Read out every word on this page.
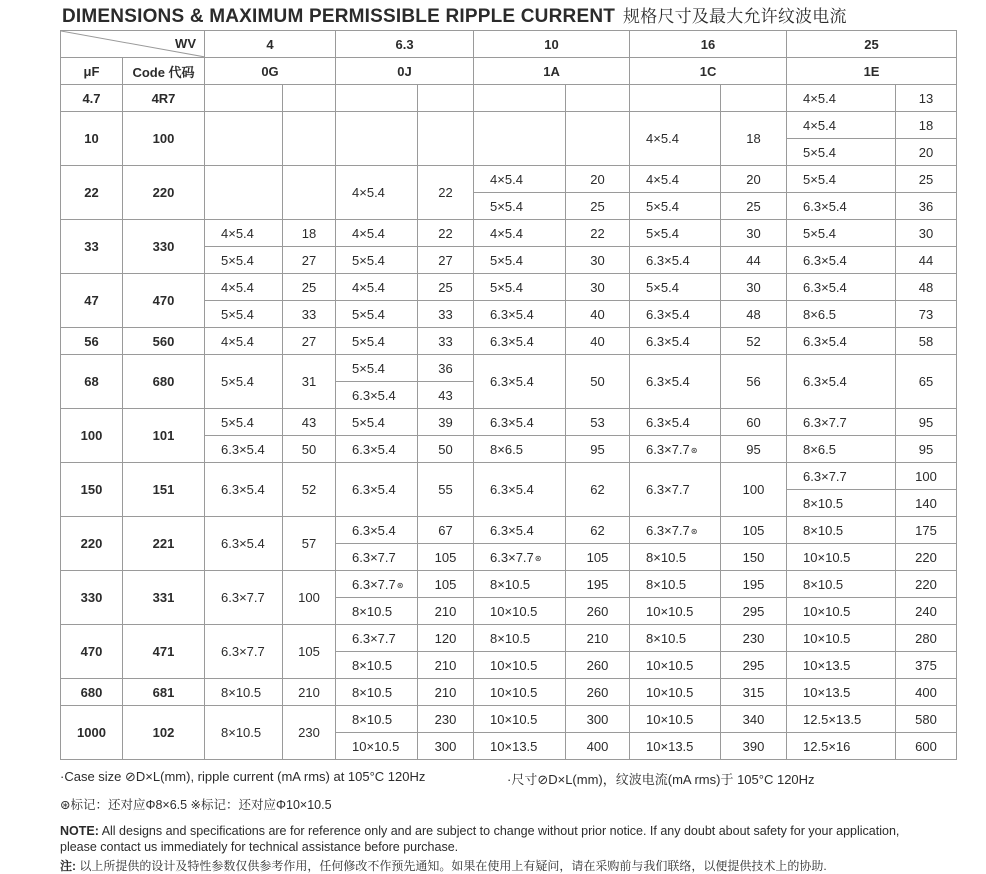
DIMENSIONS & MAXIMUM PERMISSIBLE RIPPLE CURRENT 规格尺寸及最大允许纹波电流
WV		4		6.3		10		16		25	
μF	Code 代码	0G		0J		1A		1C		1E	
4.7	4R7									4×5.4	13
10	100							4×5.4	18	4×5.4	18
										5×5.4	20
22	220			4×5.4	22	4×5.4	20	4×5.4	20	5×5.4	25
						5×5.4	25	5×5.4	25	6.3×5.4	36
33	330	4×5.4	18	4×5.4	22	4×5.4	22	5×5.4	30	5×5.4	30
		5×5.4	27	5×5.4	27	5×5.4	30	6.3×5.4	44	6.3×5.4	44
47	470	4×5.4	25	4×5.4	25	5×5.4	30	5×5.4	30	6.3×5.4	48
		5×5.4	33	5×5.4	33	6.3×5.4	40	6.3×5.4	48	8×6.5	73
56	560	4×5.4	27	5×5.4	33	6.3×5.4	40	6.3×5.4	52	6.3×5.4	58
68	680	5×5.4	31	5×5.4	36	6.3×5.4	50	6.3×5.4	56	6.3×5.4	65
				6.3×5.4	43						
100	101	5×5.4	43	5×5.4	39	6.3×5.4	53	6.3×5.4	60	6.3×7.7	95
		6.3×5.4	50	6.3×5.4	50	8×6.5	95	6.3×7.7⊛	95	8×6.5	95
150	151	6.3×5.4	52	6.3×5.4	55	6.3×5.4	62	6.3×7.7	100	6.3×7.7	100
										8×10.5	140
220	221	6.3×5.4	57	6.3×5.4	67	6.3×5.4	62	6.3×7.7⊛	105	8×10.5	175
				6.3×7.7	105	6.3×7.7⊛	105	8×10.5	150	10×10.5	220
330	331	6.3×7.7	100	6.3×7.7⊛	105	8×10.5	195	8×10.5	195	8×10.5	220
				8×10.5	210	10×10.5	260	10×10.5	295	10×10.5	240
470	471	6.3×7.7	105	6.3×7.7	120	8×10.5	210	8×10.5	230	10×10.5	280
				8×10.5	210	10×10.5	260	10×10.5	295	10×13.5	375
680	681	8×10.5	210	8×10.5	210	10×10.5	260	10×10.5	315	10×13.5	400
1000	102	8×10.5	230	8×10.5	230	10×10.5	300	10×10.5	340	12.5×13.5	580
				10×10.5	300	10×13.5	400	10×13.5	390	12.5×16	600
·Case size ⊘D×L(mm), ripple current (mA rms) at 105°C 120Hz	·尺寸⊘D×L(mm)，纹波电流(mA rms)于 105°C 120Hz
⊛标记：还对应Φ8×6.5 ※标记：还对应Φ10×10.5
NOTE: All designs and specifications are for reference only and are subject to change without prior notice. If any doubt about safety for your application,
please contact us immediately for technical assistance before purchase.
注: 以上所提供的设计及特性参数仅供参考作用，任何修改不作预先通知。如果在使用上有疑问，请在采购前与我们联络，以便提供技术上的协助.
